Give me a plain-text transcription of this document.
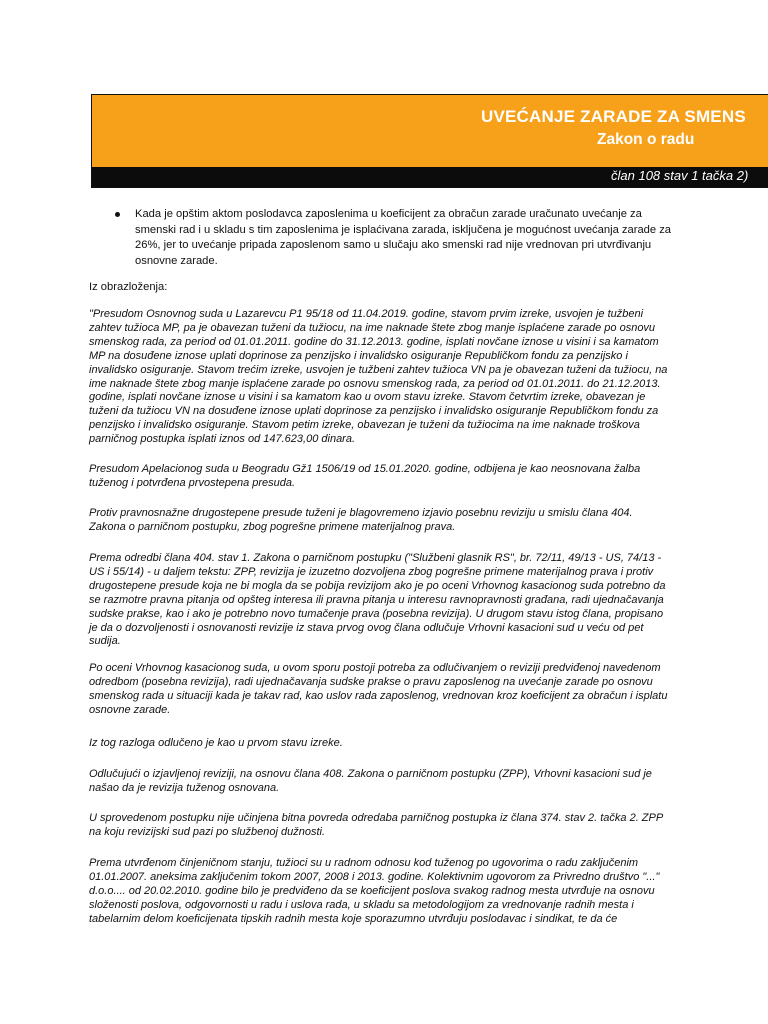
UVEĆANJE ZARADE ZA SMENS
Zakon o radu
član 108 stav 1 tačka 2)
Kada je opštim aktom poslodavca zaposlenima u koeficijent za obračun zarade uračunato uvećanje za smenski rad i u skladu s tim zaposlenima je isplaćivana zarada, isključena je mogućnost uvećanja zarade za 26%, jer to uvećanje pripada zaposlenom samo u slučaju ako smenski rad nije vrednovan pri utvrđivanju osnovne zarade.
Iz obrazloženja:
"Presudom Osnovnog suda u Lazarevcu P1 95/18 od 11.04.2019. godine, stavom prvim izreke, usvojen je tužbeni zahtev tužioca MP, pa je obavezan tuženi da tužiocu, na ime naknade štete zbog manje isplaćene zarade po osnovu smenskog rada, za period od 01.01.2011. godine do 31.12.2013. godine, isplati novčane iznose u visini i sa kamatom MP na dosuđene iznose uplati doprinose za penzijsko i invalidsko osiguranje Republičkom fondu za penzijsko i invalidsko osiguranje. Stavom trećim izreke, usvojen je tužbeni zahtev tužioca VN pa je obavezan tuženi da tužiocu, na ime naknade štete zbog manje isplaćene zarade po osnovu smenskog rada, za period od 01.01.2011. do 21.12.2013. godine, isplati novčane iznose u visini i sa kamatom kao u ovom stavu izreke. Stavom četvrtim izreke, obavezan je tuženi da tužiocu VN na dosuđene iznose uplati doprinose za penzijsko i invalidsko osiguranje Republičkom fondu za penzijsko i invalidsko osiguranje. Stavom petim izreke, obavezan je tuženi da tužiocima na ime naknade troškova parničnog postupka isplati iznos od 147.623,00 dinara.
Presudom Apelacionog suda u Beogradu Gž1 1506/19 od 15.01.2020. godine, odbijena je kao neosnovana žalba tuženog i potvrđena prvostepena presuda.
Protiv pravnosnažne drugostepene presude tuženi je blagovremeno izjavio posebnu reviziju u smislu člana 404. Zakona o parničnom postupku, zbog pogrešne primene materijalnog prava.
Prema odredbi člana 404. stav 1. Zakona o parničnom postupku ("Službeni glasnik RS", br. 72/11, 49/13 - US, 74/13 - US i 55/14) - u daljem tekstu: ZPP, revizija je izuzetno dozvoljena zbog pogrešne primene materijalnog prava i protiv drugostepene presude koja ne bi mogla da se pobija revizijom ako je po oceni Vrhovnog kasacionog suda potrebno da se razmotre pravna pitanja od opšteg interesa ili pravna pitanja u interesu ravnopravnosti građana, radi ujednačavanja sudske prakse, kao i ako je potrebno novo tumačenje prava (posebna revizija). U drugom stavu istog člana, propisano je da o dozvoljenosti i osnovanosti revizije iz stava prvog ovog člana odlučuje Vrhovni kasacioni sud u veću od pet sudija.
Po oceni Vrhovnog kasacionog suda, u ovom sporu postoji potreba za odlučivanjem o reviziji predviđenoj navedenom odredbom (posebna revizija), radi ujednačavanja sudske prakse o pravu zaposlenog na uvećanje zarade po osnovu smenskog rada u situaciji kada je takav rad, kao uslov rada zaposlenog, vrednovan kroz koeficijent za obračun i isplatu osnovne zarade.
Iz tog razloga odlučeno je kao u prvom stavu izreke.
Odlučujući o izjavljenoj reviziji, na osnovu člana 408. Zakona o parničnom postupku (ZPP), Vrhovni kasacioni sud je našao da je revizija tuženog osnovana.
U sprovedenom postupku nije učinjena bitna povreda odredaba parničnog postupka iz člana 374. stav 2. tačka 2. ZPP na koju revizijski sud pazi po službenoj dužnosti.
Prema utvrđenom činjeničnom stanju, tužioci su u radnom odnosu kod tuženog po ugovorima o radu zaključenim 01.01.2007. aneksima zaključenim tokom 2007, 2008 i 2013. godine. Kolektivnim ugovorom za Privredno društvo "..." d.o.o.... od 20.02.2010. godine bilo je predviđeno da se koeficijent poslova svakog radnog mesta utvrđuje na osnovu složenosti poslova, odgovornosti u radu i uslova rada, u skladu sa metodologijom za vrednovanje radnih mesta i tabelarnim delom koeficijenata tipskih radnih mesta koje sporazumno utvrđuju poslodavac i sindikat, te da će
